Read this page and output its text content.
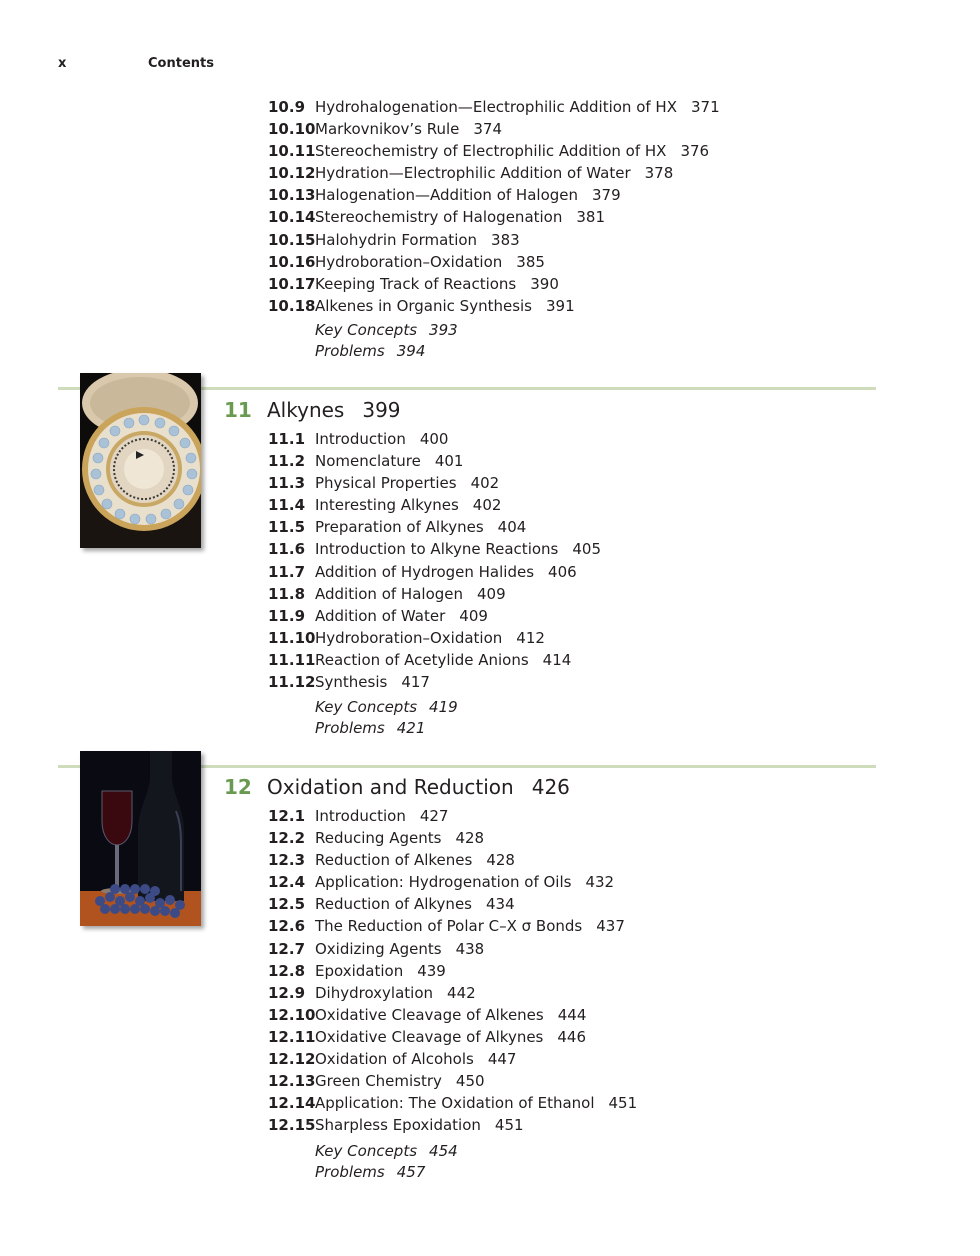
x	Contents
10.9 Hydrohalogenation—Electrophilic Addition of HX 371
10.10Markovnikov’s Rule 374
10.11Stereochemistry of Electrophilic Addition of HX 376
10.12Hydration—Electrophilic Addition of Water 378
10.13Halogenation—Addition of Halogen 379
10.14Stereochemistry of Halogenation 381
10.15Halohydrin Formation 383
10.16Hydroboration–Oxidation 385
10.17Keeping Track of Reactions 390
10.18Alkenes in Organic Synthesis 391
Key Concepts 393
Problems 394
11 Alkynes 399
11.1 Introduction 400
11.2 Nomenclature 401
11.3 Physical Properties 402
11.4 Interesting Alkynes 402
11.5 Preparation of Alkynes 404
11.6 Introduction to Alkyne Reactions 405
11.7 Addition of Hydrogen Halides 406
11.8 Addition of Halogen 409
11.9 Addition of Water 409
11.10Hydroboration–Oxidation 412
11.11Reaction of Acetylide Anions 414
11.12Synthesis 417
Key Concepts 419
Problems 421
12 Oxidation and Reduction 426
12.1 Introduction 427
12.2 Reducing Agents 428
12.3 Reduction of Alkenes 428
12.4 Application: Hydrogenation of Oils 432
12.5 Reduction of Alkynes 434
12.6 The Reduction of Polar C–X σ Bonds 437
12.7 Oxidizing Agents 438
12.8 Epoxidation 439
12.9 Dihydroxylation 442
12.10Oxidative Cleavage of Alkenes 444
12.11Oxidative Cleavage of Alkynes 446
12.12Oxidation of Alcohols 447
12.13Green Chemistry 450
12.14Application: The Oxidation of Ethanol 451
12.15Sharpless Epoxidation 451
Key Concepts 454
Problems 457
